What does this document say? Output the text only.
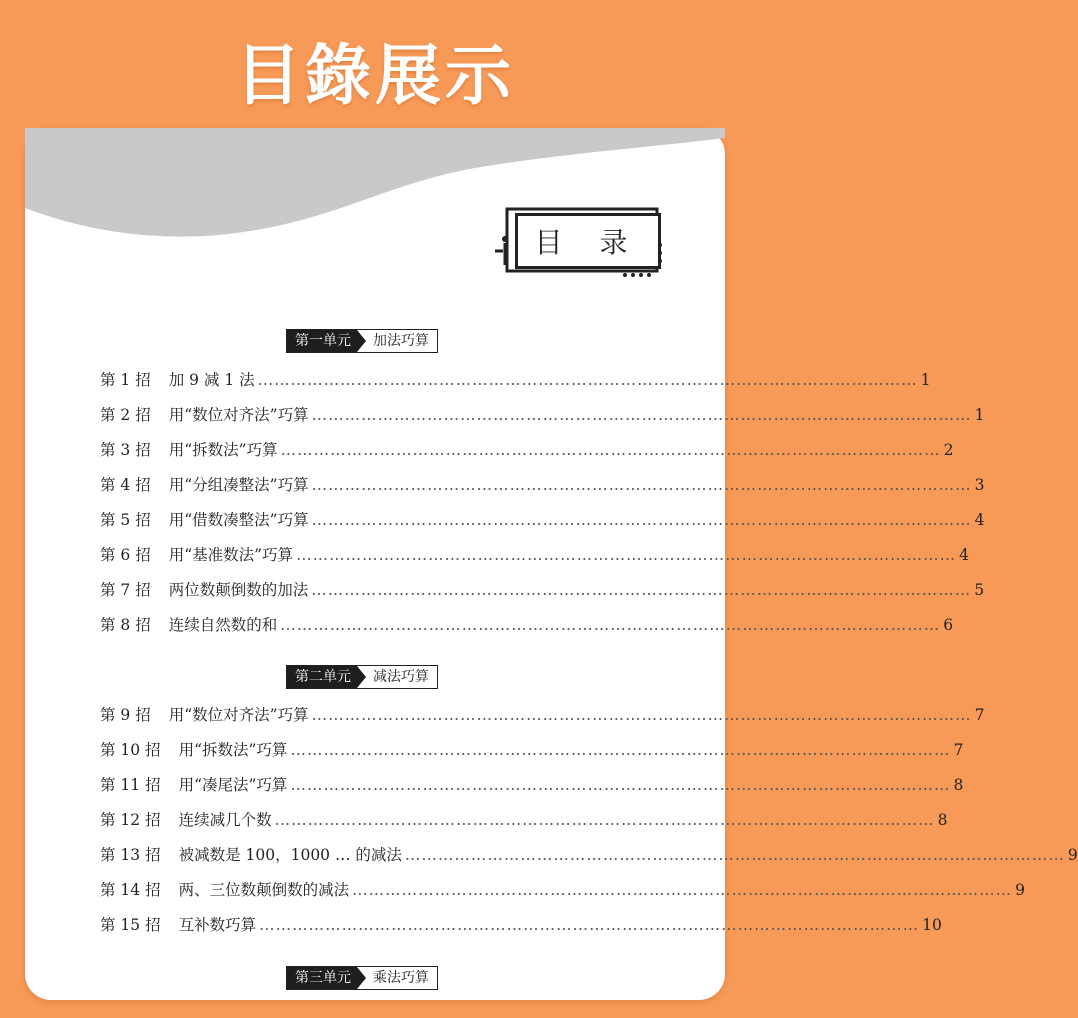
目錄展示
目 录
第一单元	加法巧算
第 1 招 加 9 减 1 法 ………………………………………………………………………………………………………… 1
第 2 招 用“数位对齐法”巧算 ………………………………………………………………………………………………………… 1
第 3 招 用“拆数法”巧算 ………………………………………………………………………………………………………… 2
第 4 招 用“分组凑整法”巧算 ………………………………………………………………………………………………………… 3
第 5 招 用“借数凑整法”巧算 ………………………………………………………………………………………………………… 4
第 6 招 用“基准数法”巧算 ………………………………………………………………………………………………………… 4
第 7 招 两位数颠倒数的加法 ………………………………………………………………………………………………………… 5
第 8 招 连续自然数的和 ………………………………………………………………………………………………………… 6
第二单元	减法巧算
第 9 招 用“数位对齐法”巧算 ………………………………………………………………………………………………………… 7
第 10 招 用“拆数法”巧算 ………………………………………………………………………………………………………… 7
第 11 招 用“凑尾法”巧算 ………………………………………………………………………………………………………… 8
第 12 招 连续减几个数 ………………………………………………………………………………………………………… 8
第 13 招 被减数是 100，1000 … 的减法 ………………………………………………………………………………………………………… 9
第 14 招 两、三位数颠倒数的减法 ………………………………………………………………………………………………………… 9
第 15 招 互补数巧算 ………………………………………………………………………………………………………… 10
第三单元	乘法巧算
